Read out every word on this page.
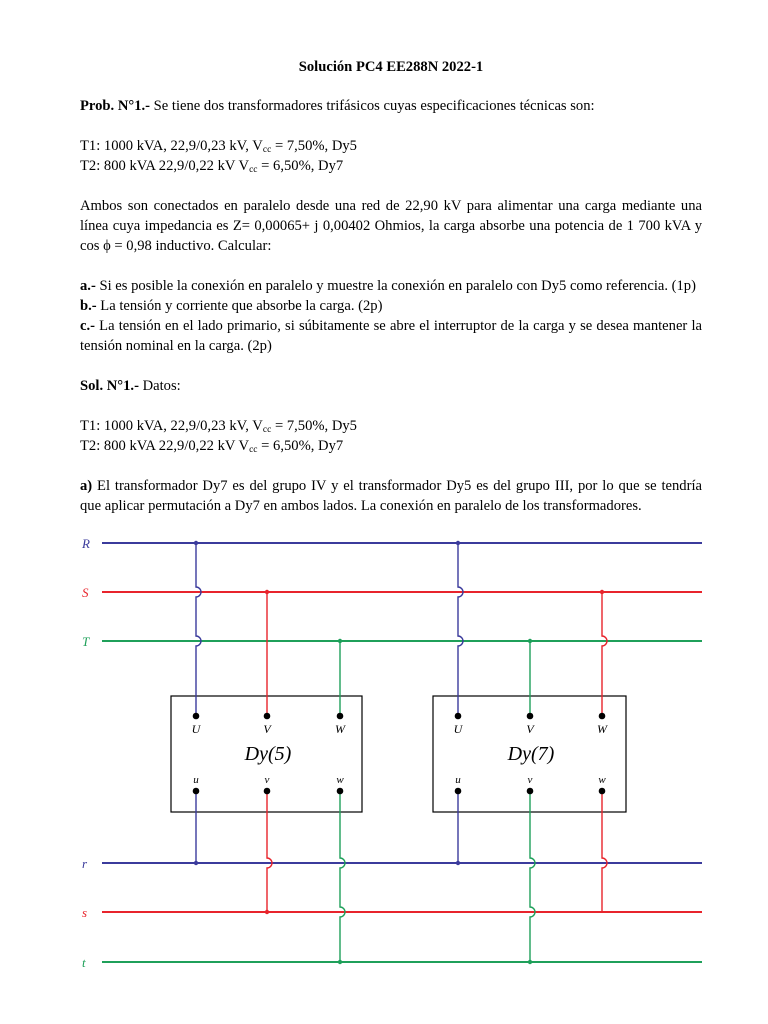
Solución PC4 EE288N 2022-1

Prob. N°1.- Se tiene dos transformadores trifásicos cuyas especificaciones técnicas son:

T1: 1000 kVA, 22,9/0,23 kV, $V_{cc} = 7,50\%$, Dy5

T2: 800 kVA 22,9/0,22 kV $V_{cc} = 6,50\%$, Dy7

Ambos son conectados en paralelo desde una red de 22,90 kV para alimentar una carga mediante una línea cuya impedancia es Z= 0,00065+ j 0,00402 Ohmios, la carga absorbe una potencia de 1 700 kVA y cos ϕ = 0,98 inductivo. Calcular:

a.- Si es posible la conexión en paralelo y muestre la conexión en paralelo con Dy5 como referencia. (1p)

b.- La tensión y corriente que absorbe la carga. (2p)

c.- La tensión en el lado primario, si súbitamente se abre el interruptor de la carga y se desea mantener la tensión nominal en la carga. (2p)

Sol. N°1.- Datos:

T1: 1000 kVA, 22,9/0,23 kV, $V_{cc} = 7,50\%$, Dy5

T2: 800 kVA 22,9/0,22 kV $V_{cc} = 6,50\%$, Dy7

a) El transformador Dy7 es del grupo IV y el transformador Dy5 es del grupo III, por lo que se tendría que aplicar permutación a Dy7 en ambos lados. La conexión en paralelo de los transformadores.

R
S
T
r
s
t
Dy(5)
U	V	W
u	v	w
Dy(7)
U	V	W
u	v	w
